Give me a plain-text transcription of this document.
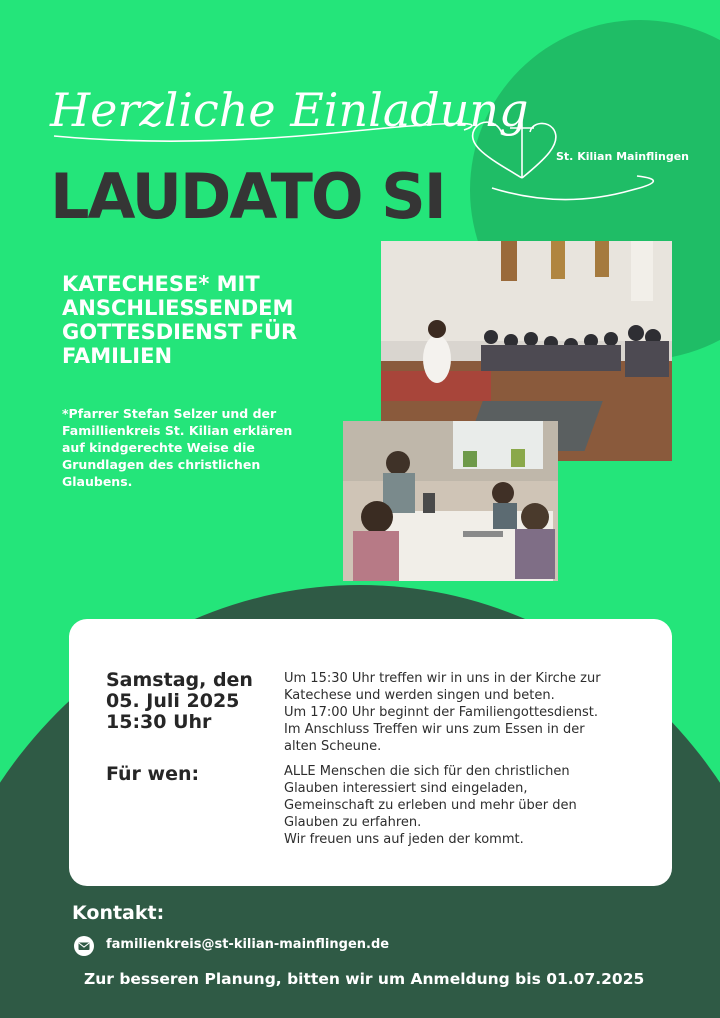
Herzliche Einladung
St. Kilian Mainflingen
LAUDATO SI
KATECHESE* MIT
ANSCHLIESSENDEM
GOTTESDIENST FÜR
FAMILIEN
*Pfarrer Stefan Selzer und der
Famillienkreis St. Kilian erklären
auf kindgerechte Weise die
Grundlagen des christlichen
Glaubens.
Samstag, den
05. Juli 2025
15:30 Uhr
Um 15:30 Uhr treffen wir in uns in der Kirche zur
Katechese und werden singen und beten.
Um 17:00 Uhr beginnt der Familiengottesdienst.
Im Anschluss Treffen wir uns zum Essen in der
alten Scheune.
Für wen:	ALLE Menschen die sich für den christlichen
Glauben interessiert sind eingeladen,
Gemeinschaft zu erleben und mehr über den
Glauben zu erfahren.
Wir freuen uns auf jeden der kommt.
Kontakt:
familienkreis@st-kilian-mainflingen.de
Zur besseren Planung, bitten wir um Anmeldung bis 01.07.2025
